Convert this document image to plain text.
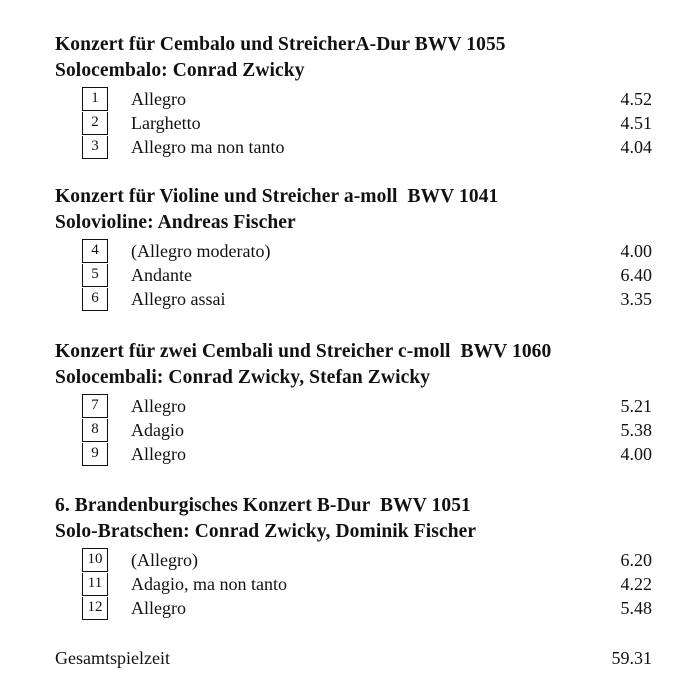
Konzert für Cembalo und StreicherA-Dur BWV 1055
Solocembalo: Conrad Zwicky
1	Allegro	4.52
2	Larghetto	4.51
3	Allegro ma non tanto	4.04
Konzert für Violine und Streicher a-moll  BWV 1041
Solovioline: Andreas Fischer
4	(Allegro moderato)	4.00
5	Andante	6.40
6	Allegro assai	3.35
Konzert für zwei Cembali und Streicher c-moll  BWV 1060
Solocembali: Conrad Zwicky, Stefan Zwicky
7	Allegro	5.21
8	Adagio	5.38
9	Allegro	4.00
6. Brandenburgisches Konzert B-Dur  BWV 1051
Solo-Bratschen: Conrad Zwicky, Dominik Fischer
10	(Allegro)	6.20
11	Adagio, ma non tanto	4.22
12	Allegro	5.48
Gesamtspielzeit	59.31
